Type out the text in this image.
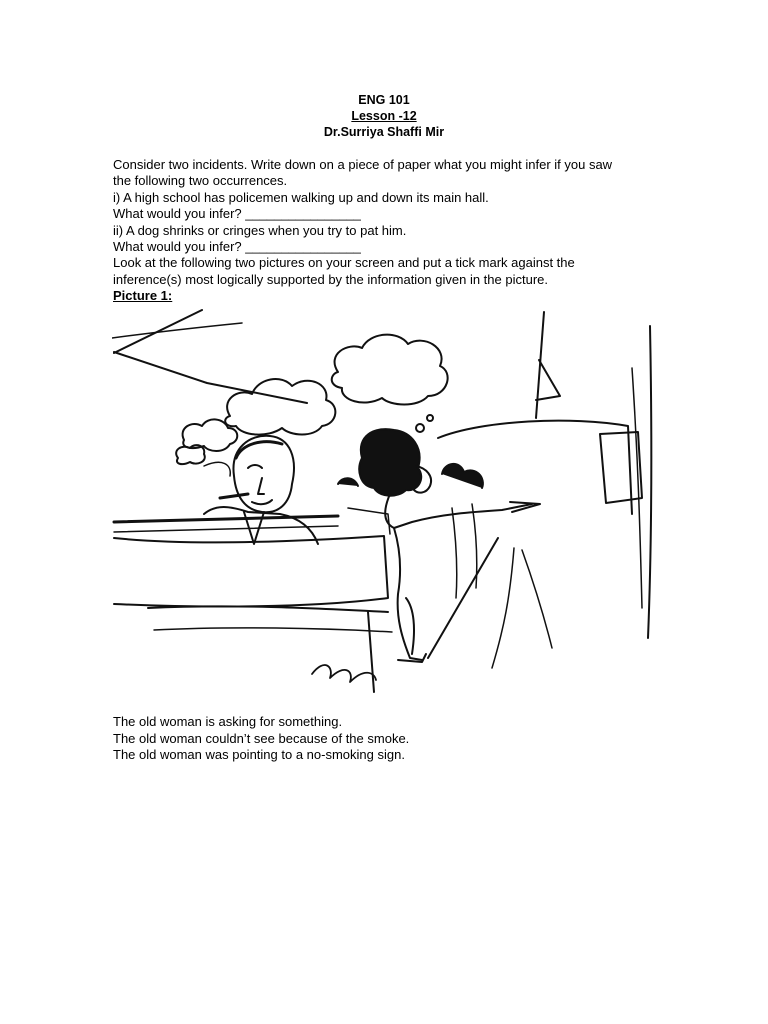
ENG 101
Lesson -12
Dr.Surriya Shaffi Mir

Consider two incidents. Write down on a piece of paper what you might infer if you saw

the following two occurrences.

i) A high school has policemen walking up and down its main hall.

What would you infer? ________________

ii) A dog shrinks or cringes when you try to pat him.

What would you infer? ________________

Look at the following two pictures on your screen and put a tick mark against the

inference(s) most logically supported by the information given in the picture.

Picture 1:

The old woman is asking for something.

The old woman couldn’t see because of the smoke.

The old woman was pointing to a no-smoking sign.
